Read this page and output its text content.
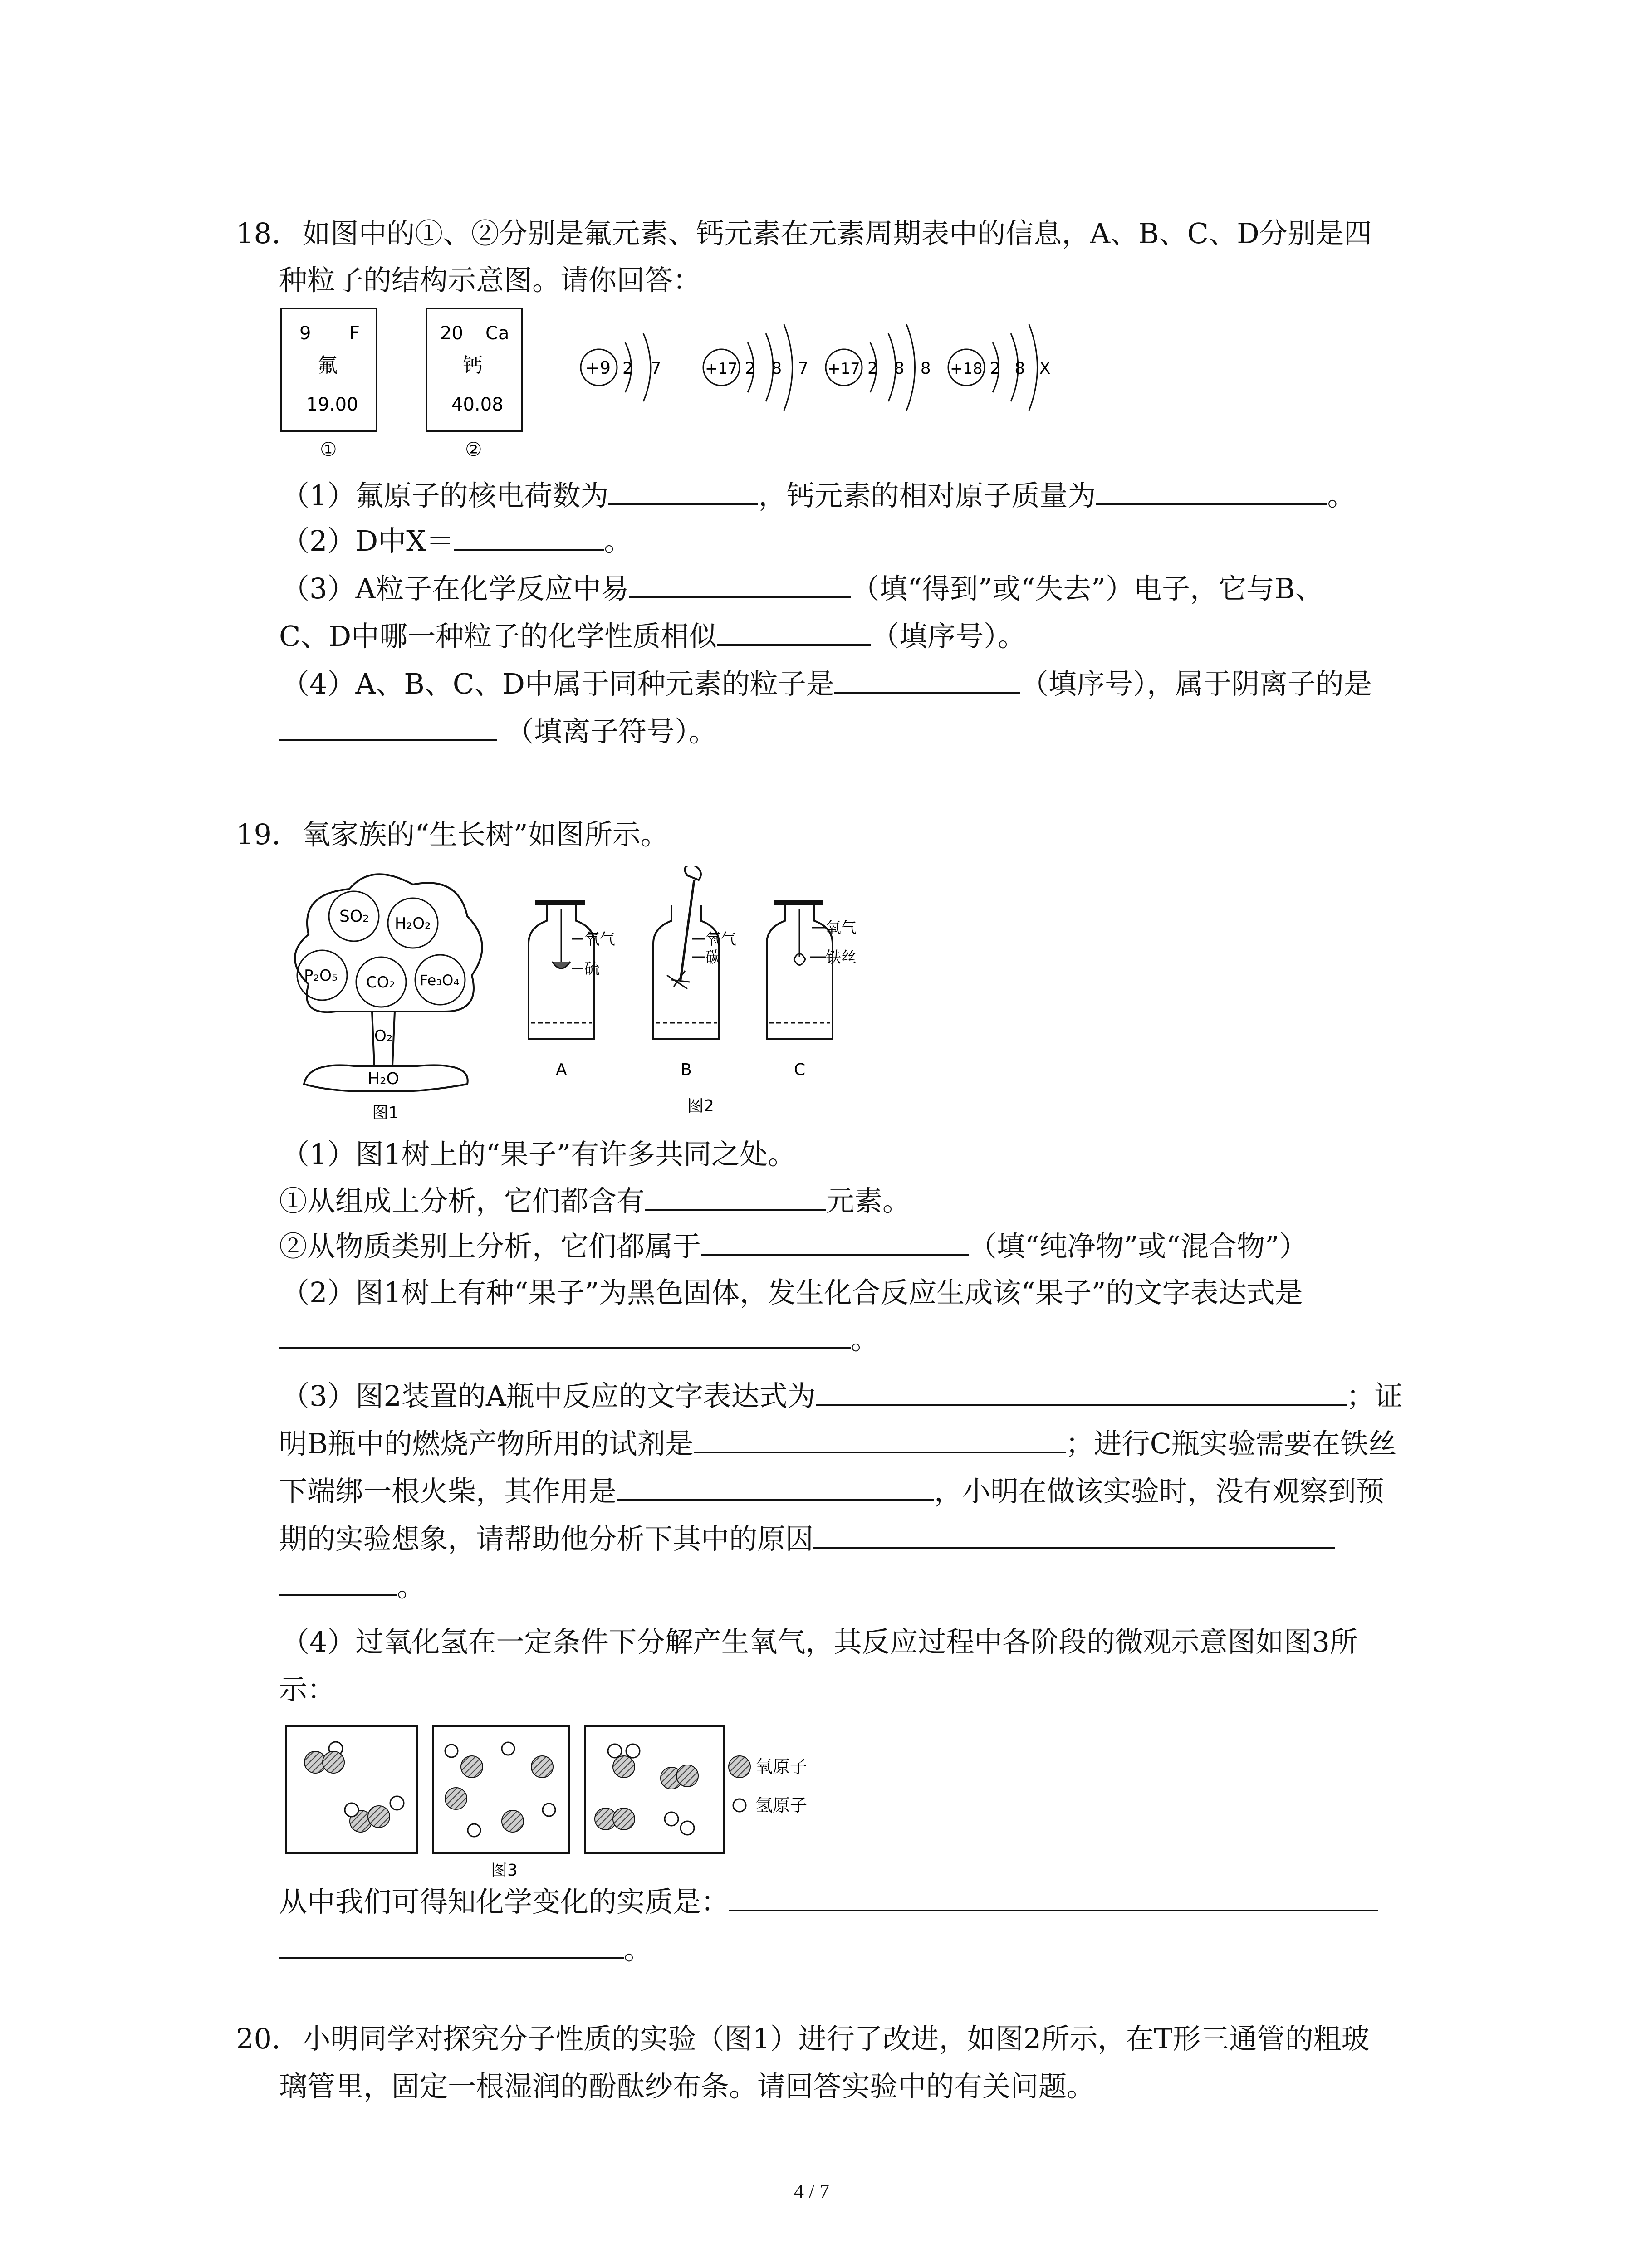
18. 如图中的①、②分别是氟元素、钙元素在元素周期表中的信息，A、B、C、D分别是四
种粒子的结构示意图。请你回答：
9 F
氟
19.00
①
20 Ca
钙
40.08
②
+9 2 7 +17 2 8 7 +17 2 8 8 +18 2 8 X
（1）氟原子的核电荷数为	，钙元素的相对原子质量为	。
（2）D中X＝	。
（3）A粒子在化学反应中易	（填“得到”或“失去”）电子，它与B、
C、D中哪一种粒子的化学性质相似	（填序号）。
（4）A、B、C、D中属于同种元素的粒子是	（填序号），属于阴离子的是
（填离子符号）。
19. 氧家族的“生长树”如图所示。
SO₂ H₂O₂
P₂O₅ CO₂ Fe₃O₄
O₂
H₂O
图1
氧气
硫
A
氧气
碳
B
图2
氧气
铁丝
C
（1）图1树上的“果子”有许多共同之处。
①从组成上分析，它们都含有	元素。
②从物质类别上分析，它们都属于	（填“纯净物”或“混合物”）
（2）图1树上有种“果子”为黑色固体，发生化合反应生成该“果子”的文字表达式是
。
（3）图2装置的A瓶中反应的文字表达式为	；证
明B瓶中的燃烧产物所用的试剂是	；进行C瓶实验需要在铁丝
下端绑一根火柴，其作用是	，小明在做该实验时，没有观察到预
期的实验想象，请帮助他分析下其中的原因
。
（4）过氧化氢在一定条件下分解产生氧气，其反应过程中各阶段的微观示意图如图3所
示：
氧原子
氢原子
图3
从中我们可得知化学变化的实质是：
。
20. 小明同学对探究分子性质的实验（图1）进行了改进，如图2所示，在T形三通管的粗玻
璃管里，固定一根湿润的酚酞纱布条。请回答实验中的有关问题。
4 / 7
